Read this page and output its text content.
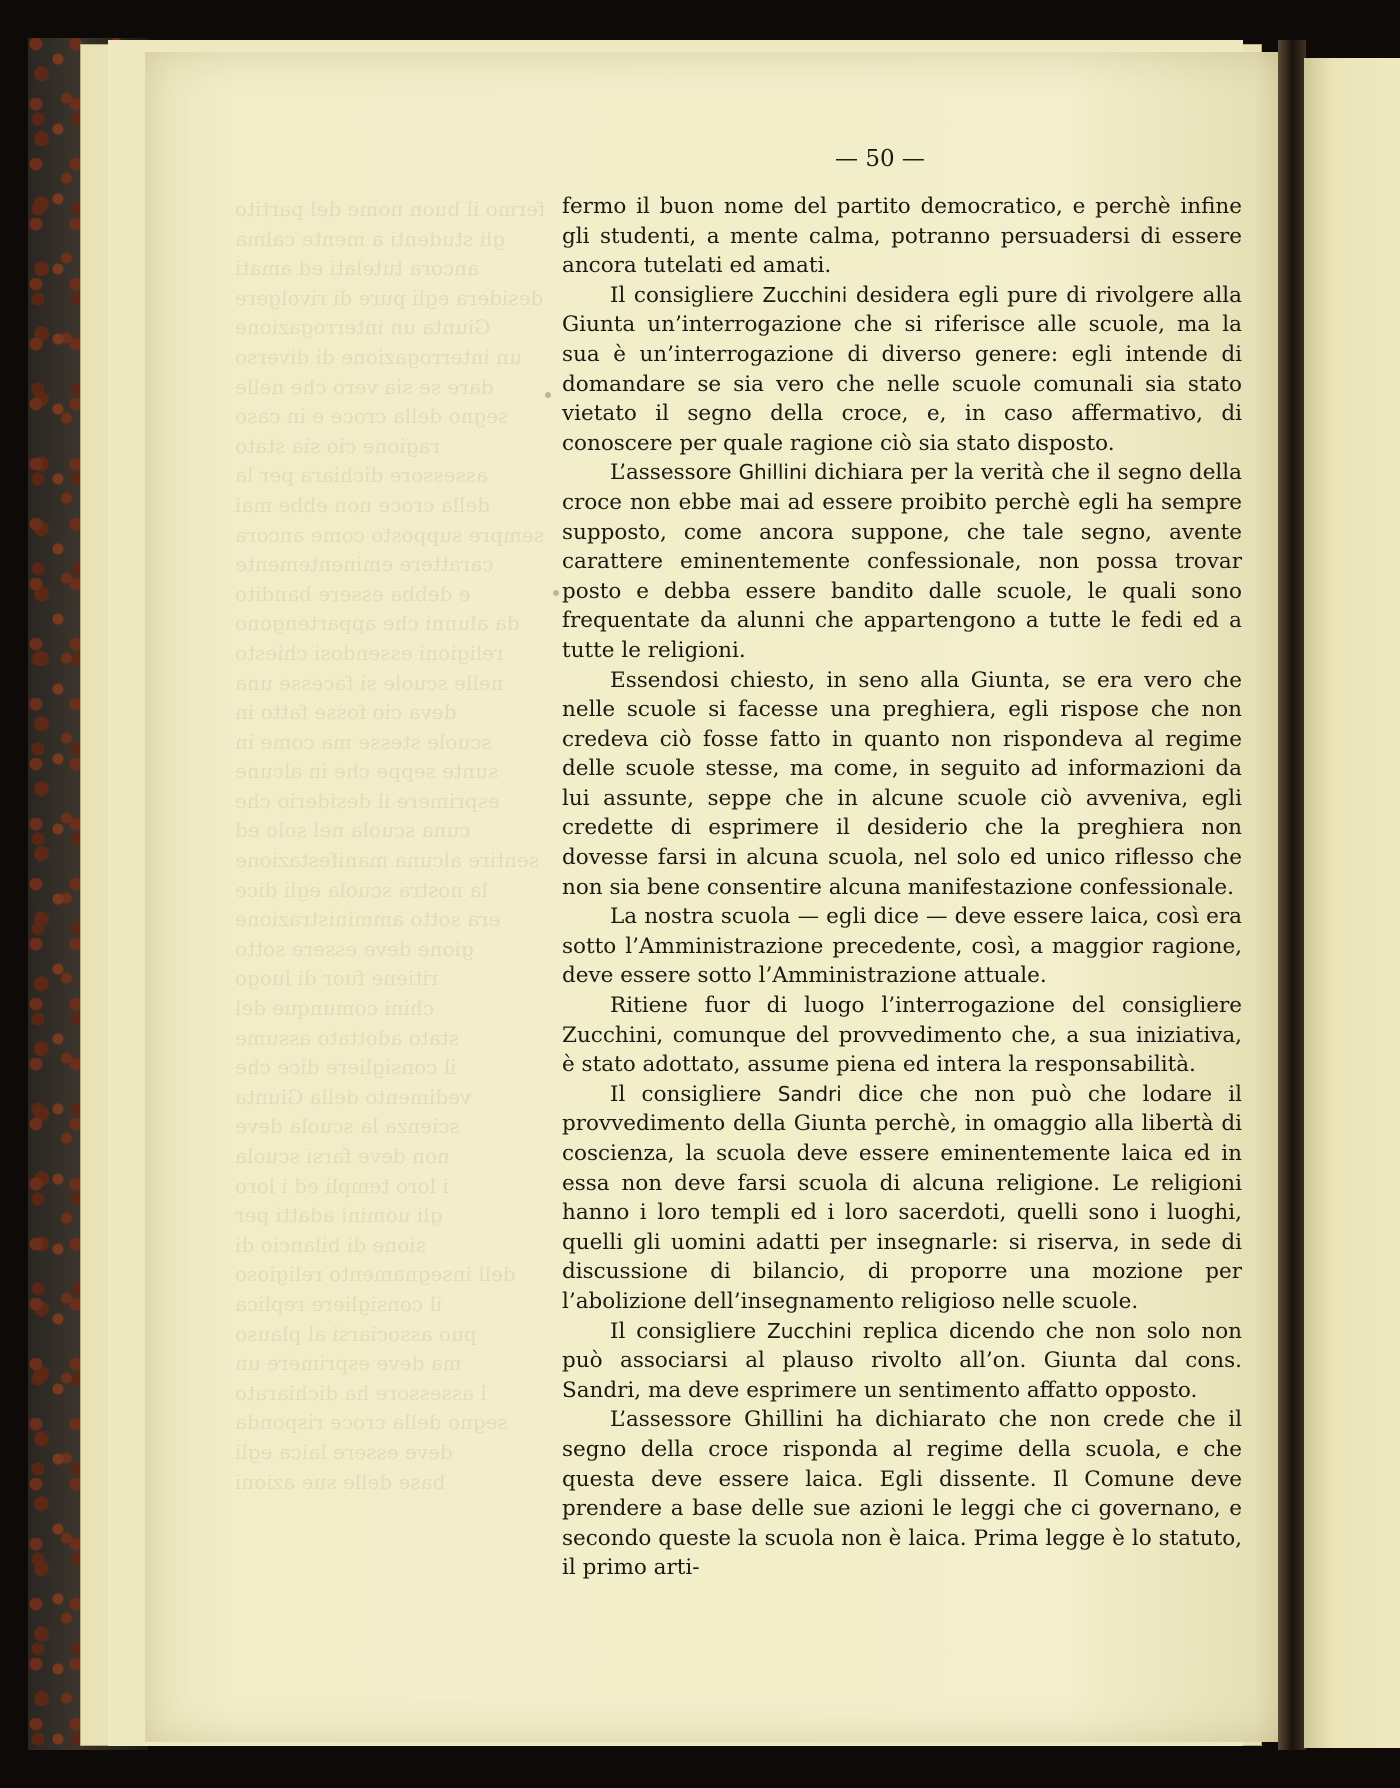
fermo il buon nome del partito
gli studenti a mente calma
ancora tutelati ed amati
desidera egli pure di rivolgere
Giunta un interrogazione
un interrogazione di diverso
dare se sia vero che nelle
segno della croce e in caso
ragione cio sia stato
assessore dichiara per la
della croce non ebbe mai
sempre supposto come ancora
carattere eminentemente
e debba essere bandito
da alunni che appartengono
religioni essendosi chiesto
nelle scuole si facesse una
deva cio fosse fatto in
scuole stesse ma come in
sunte seppe che in alcune
esprimere il desiderio che
cuna scuola nel solo ed
sentire alcuna manifestazione
la nostra scuola egli dice
era sotto amministrazione
gione deve essere sotto
ritiene fuor di luogo
chini comunque del
stato adottato assume
il consigliere dice che
vedimento della Giunta
scienza la scuola deve
non deve farsi scuola
i loro templi ed i loro
gli uomini adatti per
sione di bilancio di
dell insegnamento religioso
il consigliere replica
puo associarsi al plauso
ma deve esprimere un
l assessore ha dichiarato
segno della croce risponda
deve essere laica egli
base delle sue azioni
— 50 —

fermo il buon nome del partito democratico, e perchè infine gli studenti, a mente calma, potranno persuadersi di essere ancora tutelati ed amati.

Il consigliere Zucchini desidera egli pure di rivolgere alla Giunta un’interrogazione che si riferisce alle scuole, ma la sua è un’interrogazione di diverso genere: egli intende di domandare se sia vero che nelle scuole comunali sia stato vietato il segno della croce, e, in caso affermativo, di conoscere per quale ragione ciò sia stato disposto.

L’assessore Ghillini dichiara per la verità che il segno della croce non ebbe mai ad essere proibito perchè egli ha sempre supposto, come ancora suppone, che tale segno, avente carattere eminentemente confessionale, non possa trovar posto e debba essere bandito dalle scuole, le quali sono frequentate da alunni che appartengono a tutte le fedi ed a tutte le religioni.

Essendosi chiesto, in seno alla Giunta, se era vero che nelle scuole si facesse una preghiera, egli rispose che non credeva ciò fosse fatto in quanto non rispondeva al regime delle scuole stesse, ma come, in seguito ad informazioni da lui assunte, seppe che in alcune scuole ciò avveniva, egli credette di esprimere il desiderio che la preghiera non dovesse farsi in alcuna scuola, nel solo ed unico riflesso che non sia bene consentire alcuna manifestazione confessionale.

La nostra scuola — egli dice — deve essere laica, così era sotto l’Amministrazione precedente, così, a maggior ragione, deve essere sotto l’Amministrazione attuale.

Ritiene fuor di luogo l’interrogazione del consigliere Zucchini, comunque del provvedimento che, a sua iniziativa, è stato adottato, assume piena ed intera la responsabilità.

Il consigliere Sandri dice che non può che lodare il provvedimento della Giunta perchè, in omaggio alla libertà di coscienza, la scuola deve essere eminentemente laica ed in essa non deve farsi scuola di alcuna religione. Le religioni hanno i loro templi ed i loro sacerdoti, quelli sono i luoghi, quelli gli uomini adatti per insegnarle: si riserva, in sede di discussione di bilancio, di proporre una mozione per l’abolizione dell’insegnamento religioso nelle scuole.

Il consigliere Zucchini replica dicendo che non solo non può associarsi al plauso rivolto all’on. Giunta dal cons. Sandri, ma deve esprimere un sentimento affatto opposto.

L’assessore Ghillini ha dichiarato che non crede che il segno della croce risponda al regime della scuola, e che questa deve essere laica. Egli dissente. Il Comune deve prendere a base delle sue azioni le leggi che ci governano, e secondo queste la scuola non è laica. Prima legge è lo statuto, il primo arti-
